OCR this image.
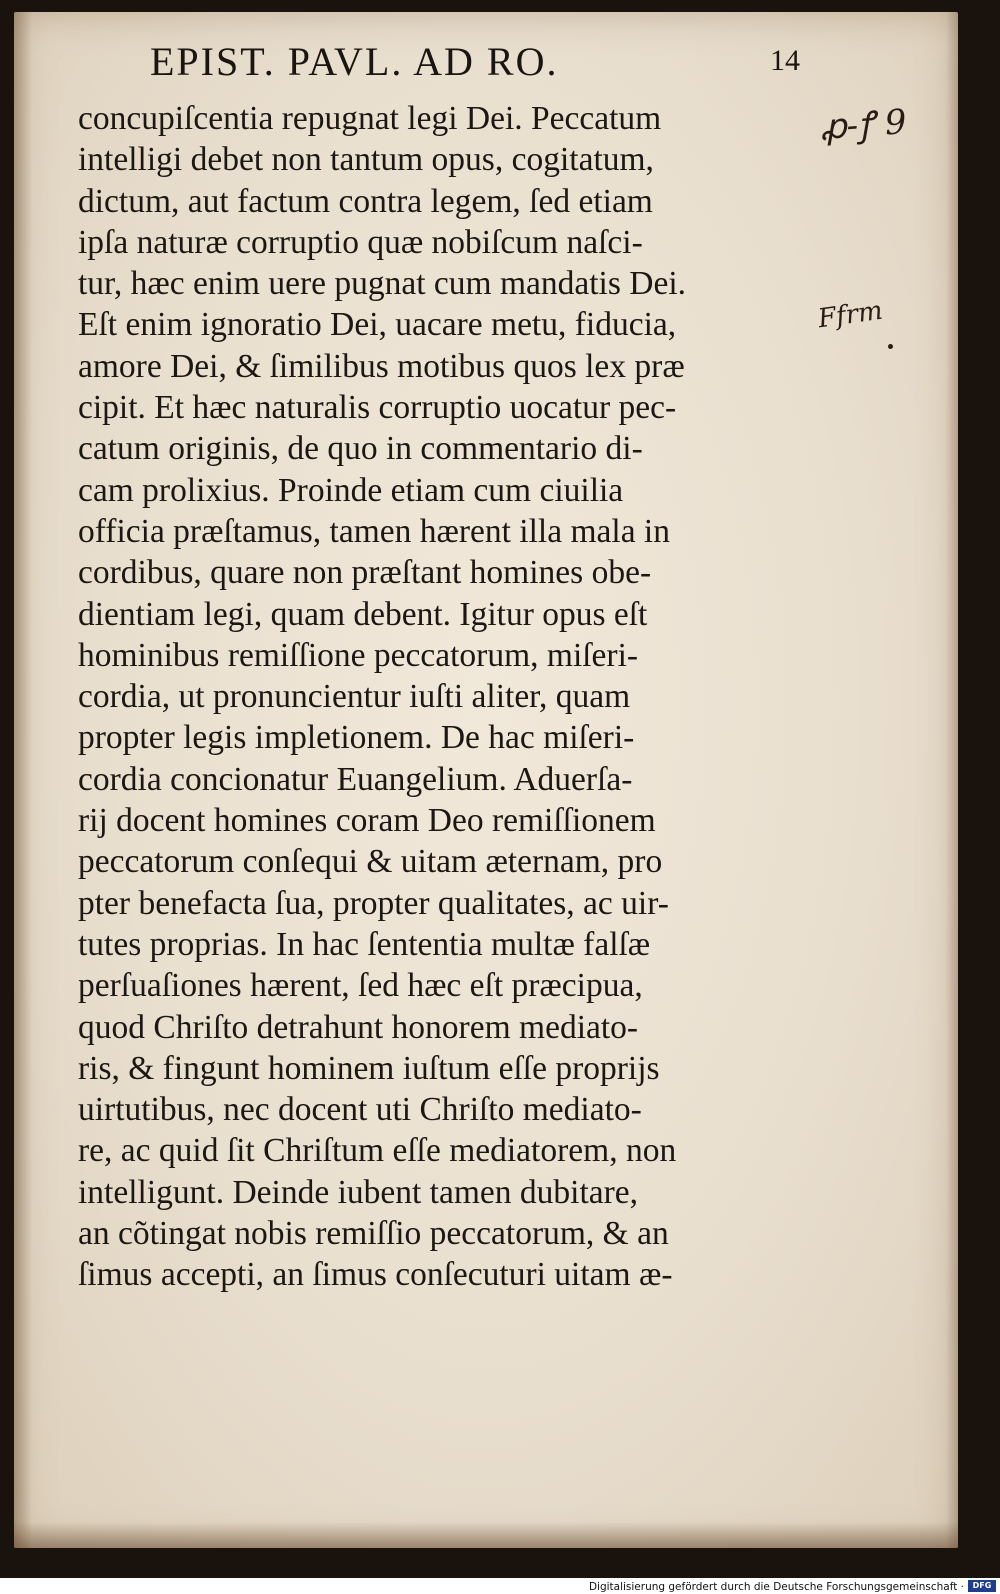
EPIST. PAVL. AD RO.	14
concupiſcentia repugnat legi Dei. Peccatum
intelligi debet non tantum opus, cogitatum,
dictum, aut factum contra legem, ſed etiam
ipſa naturæ corruptio quæ nobiſcum naſci-
tur, hæc enim uere pugnat cum mandatis Dei.
Eſt enim ignoratio Dei, uacare metu, fiducia,
amore Dei, & ſimilibus motibus quos lex præ
cipit. Et hæc naturalis corruptio uocatur pec-
catum originis, de quo in commentario di-
cam prolixius. Proinde etiam cum ciuilia
officia præſtamus, tamen hærent illa mala in
cordibus, quare non præſtant homines obe-
dientiam legi, quam debent. Igitur opus eſt
hominibus remiſſione peccatorum, miſeri-
cordia, ut pronuncientur iuſti aliter, quam
propter legis impletionem. De hac miſeri-
cordia concionatur Euangelium. Aduerſa-
rij docent homines coram Deo remiſſionem
peccatorum conſequi & uitam æternam, pro
pter benefacta ſua, propter qualitates, ac uir-
tutes proprias. In hac ſententia multæ falſæ
perſuaſiones hærent, ſed hæc eſt præcipua,
quod Chriſto detrahunt honorem mediato-
ris, & fingunt hominem iuſtum eſſe proprijs
uirtutibus, nec docent uti Chriſto mediato-
re, ac quid ſit Chriſtum eſſe mediatorem, non
intelligunt. Deinde iubent tamen dubitare,
an cõtingat nobis remiſſio peccatorum, & an
ſimus accepti, an ſimus conſecuturi uitam æ-
ꝓ-ꝭ 9
Ffrm
Digitalisierung gefördert durch die Deutsche Forschungsgemeinschaft ·	DFG
